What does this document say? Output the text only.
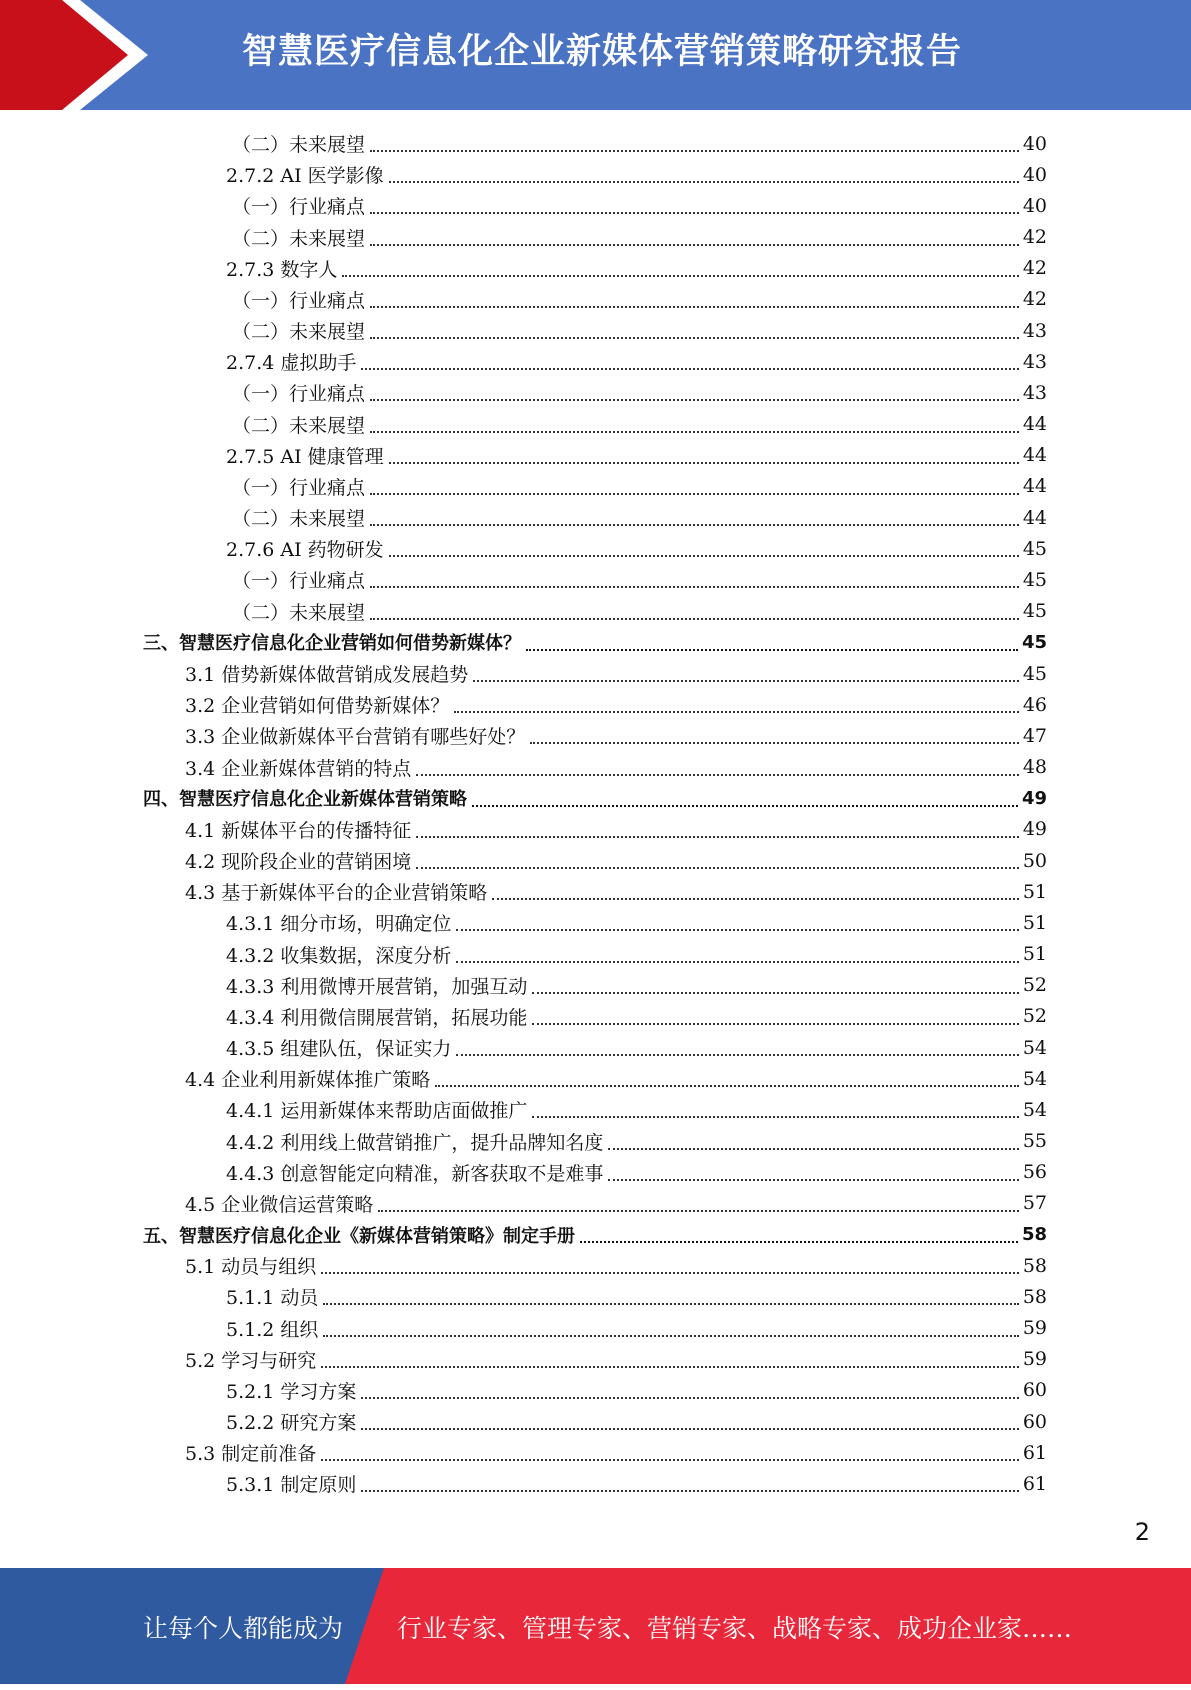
智慧医疗信息化企业新媒体营销策略研究报告
（二）未来展望	40
2.7.2 AI 医学影像	40
（一）行业痛点	40
（二）未来展望	42
2.7.3 数字人	42
（一）行业痛点	42
（二）未来展望	43
2.7.4 虚拟助手	43
（一）行业痛点	43
（二）未来展望	44
2.7.5 AI 健康管理	44
（一）行业痛点	44
（二）未来展望	44
2.7.6 AI 药物研发	45
（一）行业痛点	45
（二）未来展望	45
三、智慧医疗信息化企业营销如何借势新媒体？	45
3.1 借势新媒体做营销成发展趋势	45
3.2 企业营销如何借势新媒体？	46
3.3 企业做新媒体平台营销有哪些好处？	47
3.4 企业新媒体营销的特点	48
四、智慧医疗信息化企业新媒体营销策略	49
4.1 新媒体平台的传播特征	49
4.2 现阶段企业的营销困境	50
4.3 基于新媒体平台的企业营销策略	51
4.3.1 细分市场，明确定位	51
4.3.2 收集数据，深度分析	51
4.3.3 利用微博开展营销，加强互动	52
4.3.4 利用微信開展营销，拓展功能	52
4.3.5 组建队伍，保证实力	54
4.4 企业利用新媒体推广策略	54
4.4.1 运用新媒体来帮助店面做推广	54
4.4.2 利用线上做营销推广，提升品牌知名度	55
4.4.3 创意智能定向精准，新客获取不是难事	56
4.5 企业微信运营策略	57
五、智慧医疗信息化企业《新媒体营销策略》制定手册	58
5.1 动员与组织	58
5.1.1 动员	58
5.1.2 组织	59
5.2 学习与研究	59
5.2.1 学习方案	60
5.2.2 研究方案	60
5.3 制定前准备	61
5.3.1 制定原则	61
2
让每个人都能成为 行业专家、管理专家、营销专家、战略专家、成功企业家……
